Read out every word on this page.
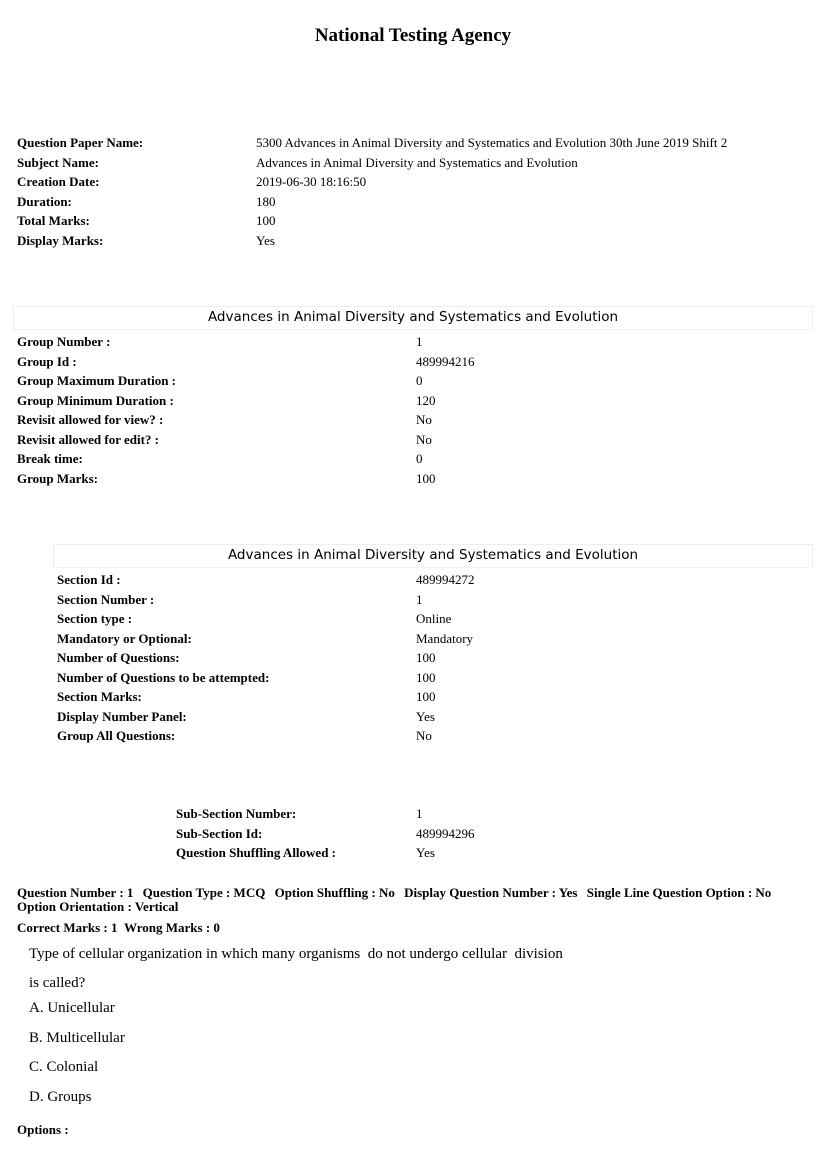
National Testing Agency
Question Paper Name:	5300 Advances in Animal Diversity and Systematics and Evolution 30th June 2019 Shift 2
Subject Name:	Advances in Animal Diversity and Systematics and Evolution
Creation Date:	2019-06-30 18:16:50
Duration:	180
Total Marks:	100
Display Marks:	Yes
Advances in Animal Diversity and Systematics and Evolution
Group Number :	1
Group Id :	489994216
Group Maximum Duration :	0
Group Minimum Duration :	120
Revisit allowed for view? :	No
Revisit allowed for edit? :	No
Break time:	0
Group Marks:	100
Advances in Animal Diversity and Systematics and Evolution
Section Id :	489994272
Section Number :	1
Section type :	Online
Mandatory or Optional:	Mandatory
Number of Questions:	100
Number of Questions to be attempted:	100
Section Marks:	100
Display Number Panel:	Yes
Group All Questions:	No
Sub-Section Number:	1
Sub-Section Id:	489994296
Question Shuffling Allowed :	Yes
Question Number : 1 Question Type : MCQ Option Shuffling : No Display Question Number : Yes Single Line Question Option : No Option Orientation : Vertical
Correct Marks : 1 Wrong Marks : 0
Type of cellular organization in which many organisms  do not undergo cellular  division
is called?
A. Unicellular
B. Multicellular
C. Colonial
D. Groups
Options :
